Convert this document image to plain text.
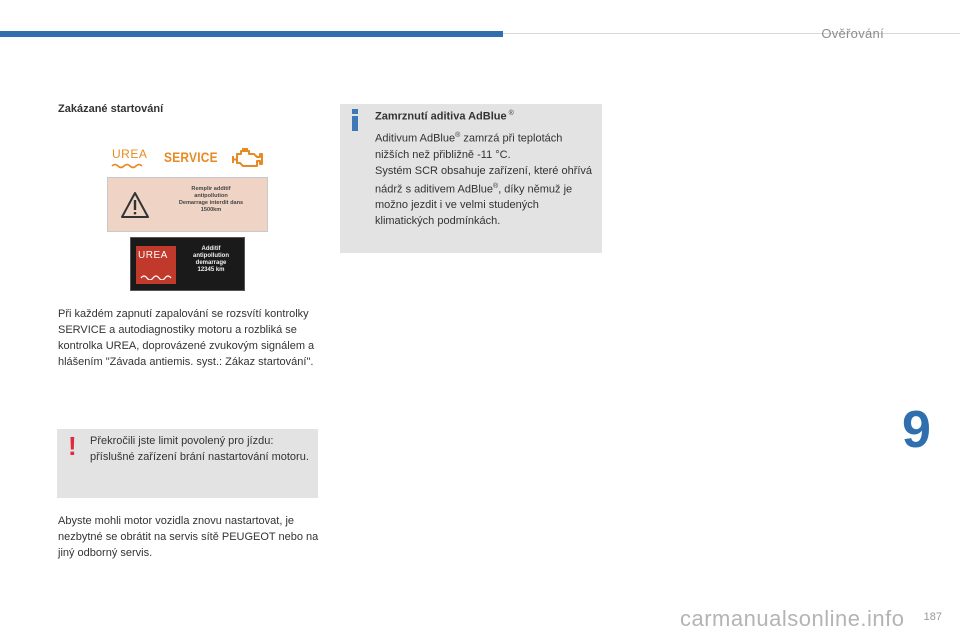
Ověřování
Zakázané startování
UREA SERVICE
Remplir additif
antipollution
Demarrage interdit dans
1500km
UREA
Additif
antipollution
demarrage
12345 km
Při každém zapnutí zapalování se rozsvítí kontrolky SERVICE a autodiagnostiky motoru a rozbliká se kontrolka UREA, doprovázené zvukovým signálem a hlášením "Závada antiemis. syst.: Zákaz startování".
! Překročili jste limit povolený pro jízdu: příslušné zařízení brání nastartování motoru.
Abyste mohli motor vozidla znovu nastartovat, je nezbytné se obrátit na servis sítě PEUGEOT nebo na jiný odborný servis.
Zamrznutí aditiva AdBlue ®
Aditivum AdBlue® zamrzá při teplotách nižších než přibližně -11 °C.
Systém SCR obsahuje zařízení, které ohřívá nádrž s aditivem AdBlue®, díky němuž je možno jezdit i ve velmi studených klimatických podmínkách.
9
carmanualsonline.info 187
